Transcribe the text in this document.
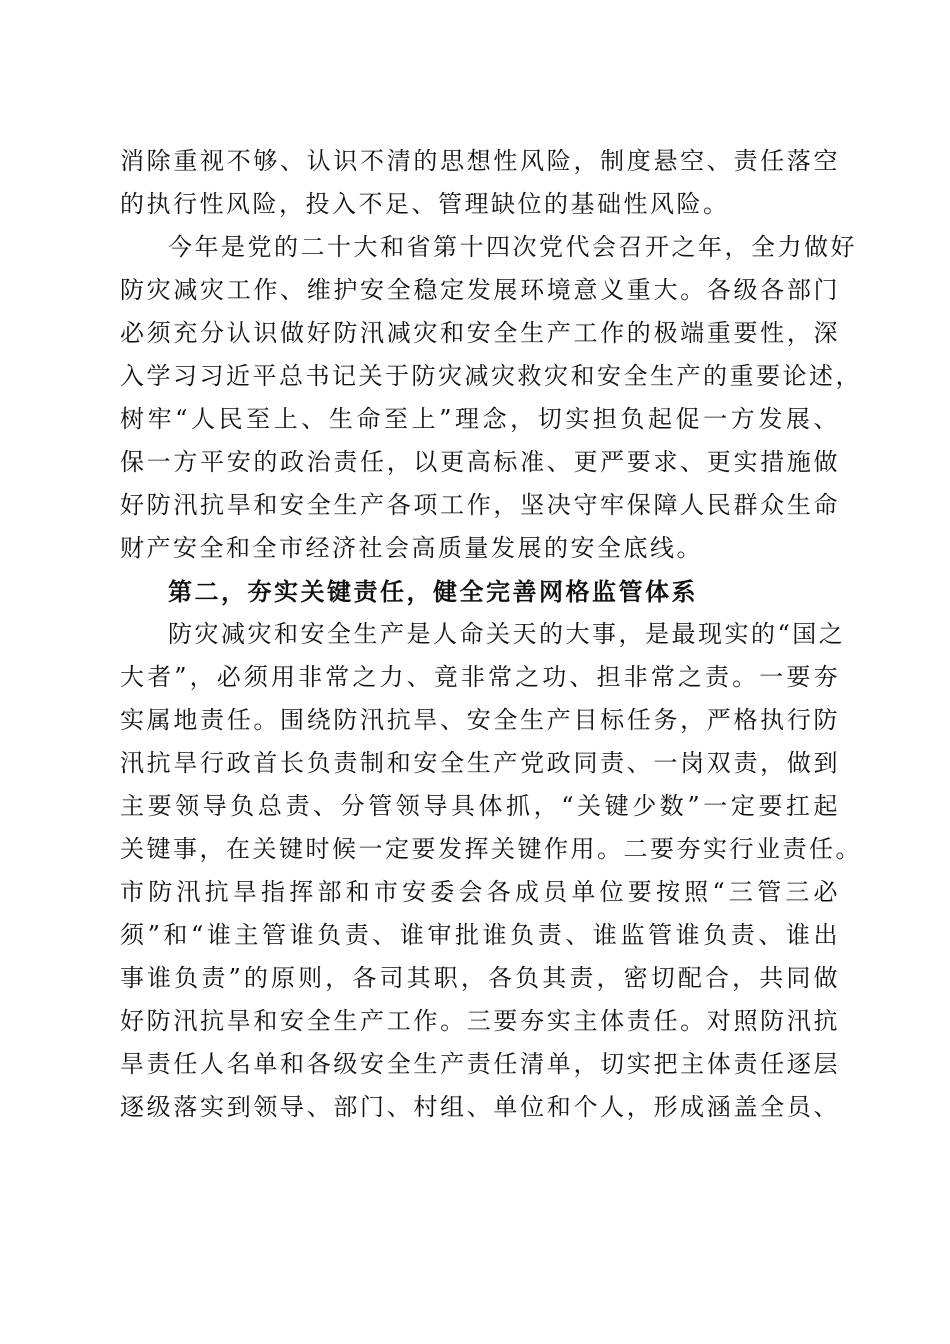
消除重视不够、认识不清的思想性风险，制度悬空、责任落空
的执行性风险，投入不足、管理缺位的基础性风险。
今年是党的二十大和省第十四次党代会召开之年，全力做好
防灾减灾工作、维护安全稳定发展环境意义重大。各级各部门
必须充分认识做好防汛减灾和安全生产工作的极端重要性，深
入学习习近平总书记关于防灾减灾救灾和安全生产的重要论述，
树牢“人民至上、生命至上”理念，切实担负起促一方发展、
保一方平安的政治责任，以更高标准、更严要求、更实措施做
好防汛抗旱和安全生产各项工作，坚决守牢保障人民群众生命
财产安全和全市经济社会高质量发展的安全底线。
第二，夯实关键责任，健全完善网格监管体系
防灾减灾和安全生产是人命关天的大事，是最现实的“国之
大者”，必须用非常之力、竟非常之功、担非常之责。一要夯
实属地责任。围绕防汛抗旱、安全生产目标任务，严格执行防
汛抗旱行政首长负责制和安全生产党政同责、一岗双责，做到
主要领导负总责、分管领导具体抓，“关键少数”一定要扛起
关键事，在关键时候一定要发挥关键作用。二要夯实行业责任。
市防汛抗旱指挥部和市安委会各成员单位要按照“三管三必
须”和“谁主管谁负责、谁审批谁负责、谁监管谁负责、谁出
事谁负责”的原则，各司其职，各负其责，密切配合，共同做
好防汛抗旱和安全生产工作。三要夯实主体责任。对照防汛抗
旱责任人名单和各级安全生产责任清单，切实把主体责任逐层
逐级落实到领导、部门、村组、单位和个人，形成涵盖全员、
